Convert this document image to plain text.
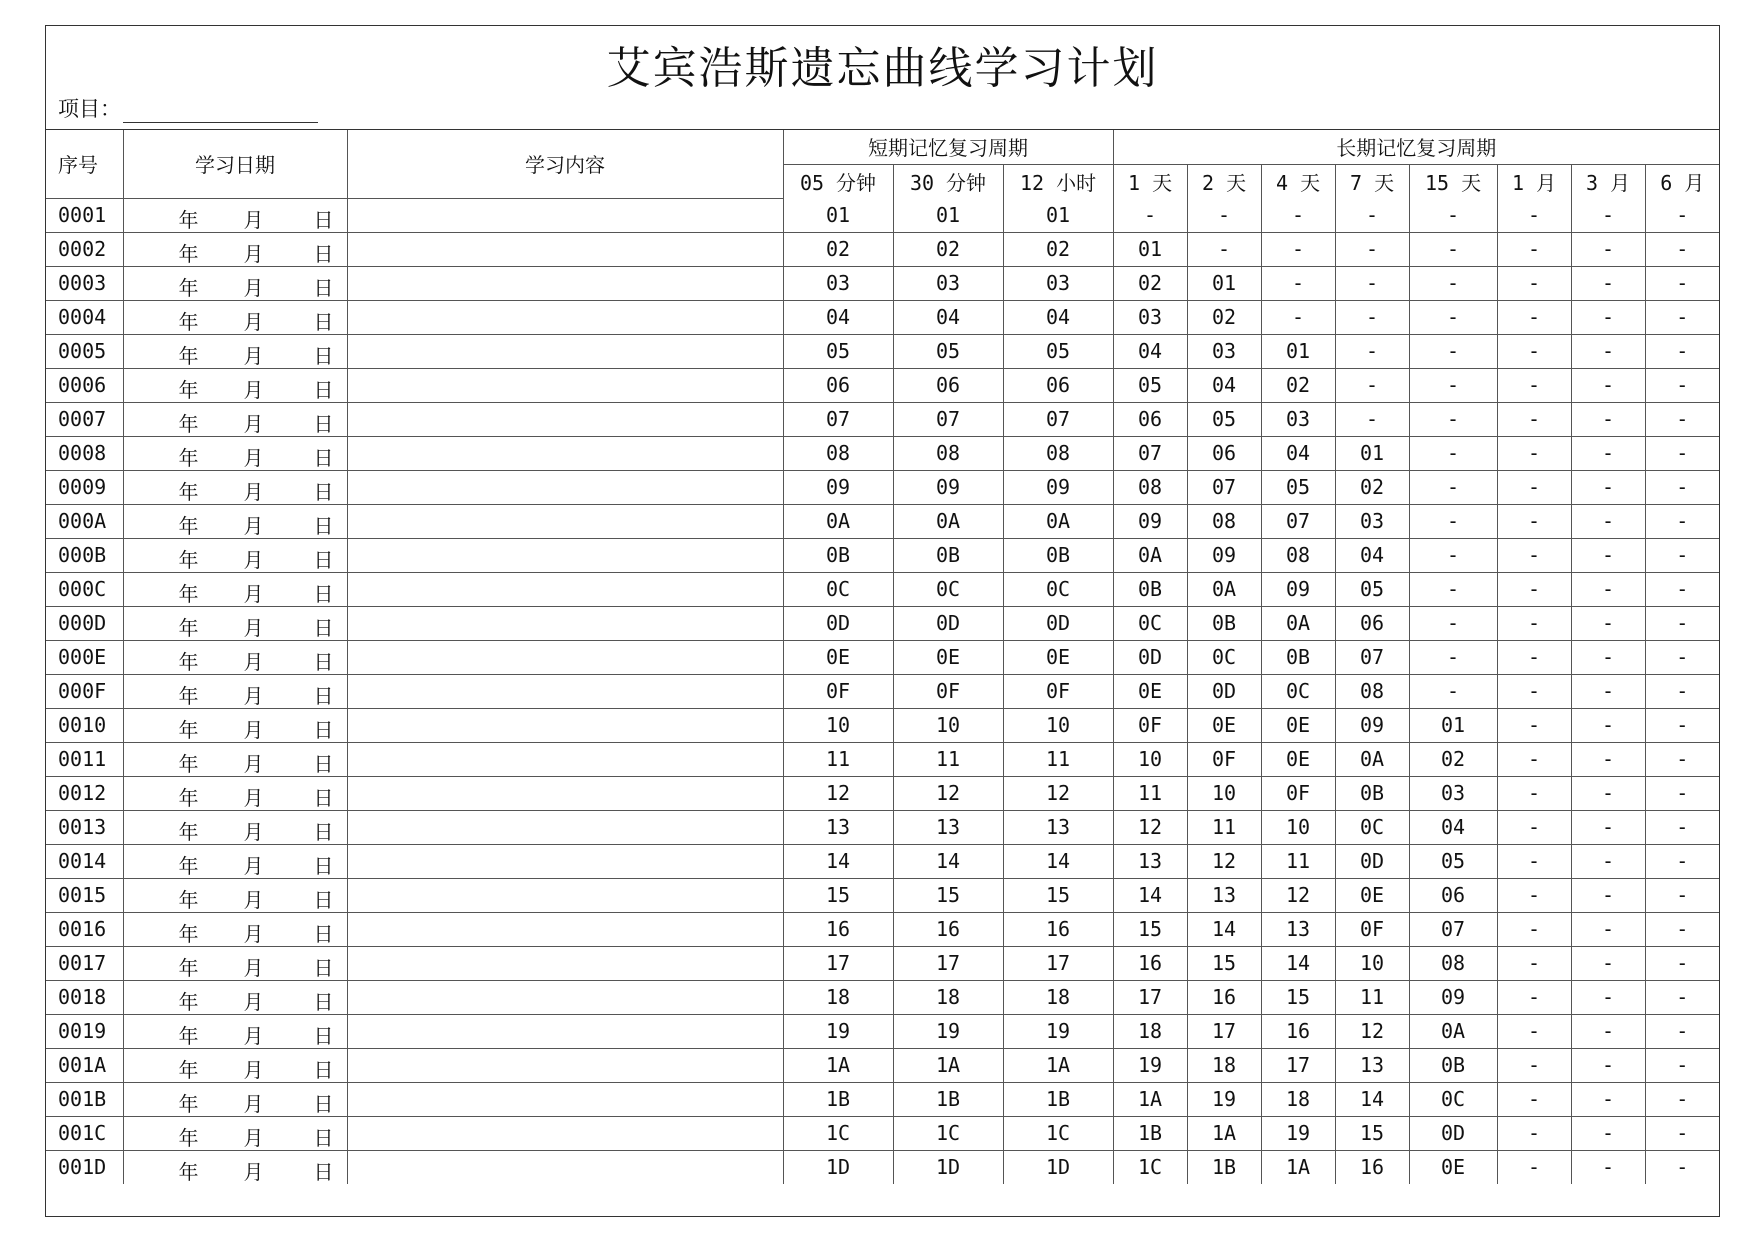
艾宾浩斯遗忘曲线学习计划
项目：
序号	学习日期	学习内容	短期记忆复习周期			长期记忆复习周期							
			05 分钟	30 分钟	12 小时	1 天	2 天	4 天	7 天	15 天	1 月	3 月	6 月
0001	年 月 日		01	01	01	-	-	-	-	-	-	-	-
0002	年 月 日		02	02	02	01	-	-	-	-	-	-	-
0003	年 月 日		03	03	03	02	01	-	-	-	-	-	-
0004	年 月 日		04	04	04	03	02	-	-	-	-	-	-
0005	年 月 日		05	05	05	04	03	01	-	-	-	-	-
0006	年 月 日		06	06	06	05	04	02	-	-	-	-	-
0007	年 月 日		07	07	07	06	05	03	-	-	-	-	-
0008	年 月 日		08	08	08	07	06	04	01	-	-	-	-
0009	年 月 日		09	09	09	08	07	05	02	-	-	-	-
000A	年 月 日		0A	0A	0A	09	08	07	03	-	-	-	-
000B	年 月 日		0B	0B	0B	0A	09	08	04	-	-	-	-
000C	年 月 日		0C	0C	0C	0B	0A	09	05	-	-	-	-
000D	年 月 日		0D	0D	0D	0C	0B	0A	06	-	-	-	-
000E	年 月 日		0E	0E	0E	0D	0C	0B	07	-	-	-	-
000F	年 月 日		0F	0F	0F	0E	0D	0C	08	-	-	-	-
0010	年 月 日		10	10	10	0F	0E	0E	09	01	-	-	-
0011	年 月 日		11	11	11	10	0F	0E	0A	02	-	-	-
0012	年 月 日		12	12	12	11	10	0F	0B	03	-	-	-
0013	年 月 日		13	13	13	12	11	10	0C	04	-	-	-
0014	年 月 日		14	14	14	13	12	11	0D	05	-	-	-
0015	年 月 日		15	15	15	14	13	12	0E	06	-	-	-
0016	年 月 日		16	16	16	15	14	13	0F	07	-	-	-
0017	年 月 日		17	17	17	16	15	14	10	08	-	-	-
0018	年 月 日		18	18	18	17	16	15	11	09	-	-	-
0019	年 月 日		19	19	19	18	17	16	12	0A	-	-	-
001A	年 月 日		1A	1A	1A	19	18	17	13	0B	-	-	-
001B	年 月 日		1B	1B	1B	1A	19	18	14	0C	-	-	-
001C	年 月 日		1C	1C	1C	1B	1A	19	15	0D	-	-	-
001D	年 月 日		1D	1D	1D	1C	1B	1A	16	0E	-	-	-
